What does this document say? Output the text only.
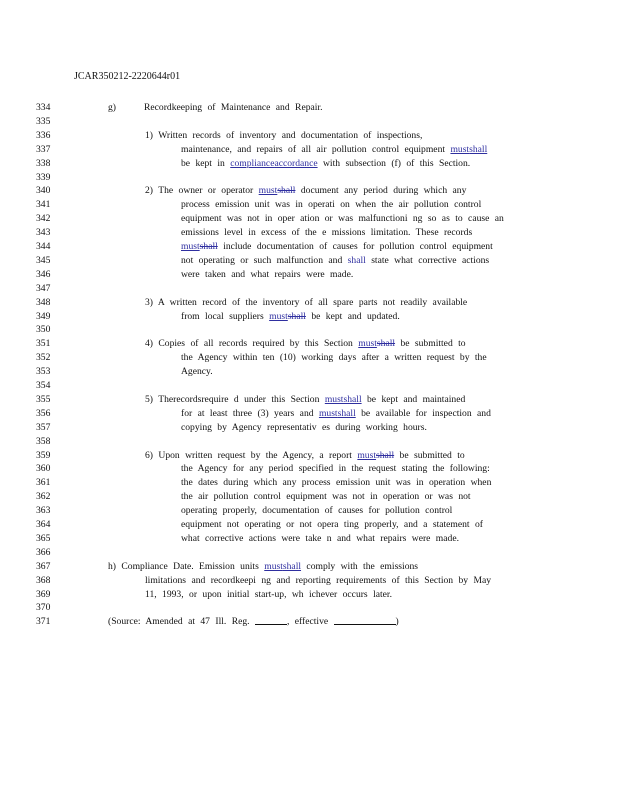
JCAR350212-2220644r01
334	g)	Recordkeeping of Maintenance and Repair.
335
336	1) Written records of inventory and documentation of inspections,
337	maintenance, and repairs of all air pollution control equipment mustshall
338	be kept in complianceaccordance with subsection (f) of this Section.
339
340	2) The owner or operator mustshall document any period during which any
341	process emission unit was in operati on when the air pollution control
342	equipment was not in oper ation or was malfunctioni ng so as to cause an
343	emissions level in excess of the e missions limitation. These records
344	mustshall include documentation of causes for pollution control equipment
345	not operating or such malfunction and shall state what corrective actions
346	were taken and what repairs were made.
347
348	3) A written record of the inventory of all spare parts not readily available
349	from local suppliers mustshall be kept and updated.
350
351	4) Copies of all records required by this Section mustshall be submitted to
352	the Agency within ten (10) working days after a written request by the
353	Agency.
354
355	5) Therecordsrequire d under this Section mustshall be kept and maintained
356	for at least three (3) years and mustshall be available for inspection and
357	copying by Agency representativ es during working hours.
358
359	6) Upon written request by the Agency, a report mustshall be submitted to
360	the Agency for any period specified in the request stating the following:
361	the dates during which any process emission unit was in operation when
362	the air pollution control equipment was not in operation or was not
363	operating properly, documentation of causes for pollution control
364	equipment not operating or not opera ting properly, and a statement of
365	what corrective actions were take n and what repairs were made.
366
367	h) Compliance Date. Emission units mustshall comply with the emissions
368	limitations and recordkeepi ng and reporting requirements of this Section by May
369	11, 1993, or upon initial start-up, wh ichever occurs later.
370
371	(Source: Amended at 47 Ill. Reg.	, effective	)
